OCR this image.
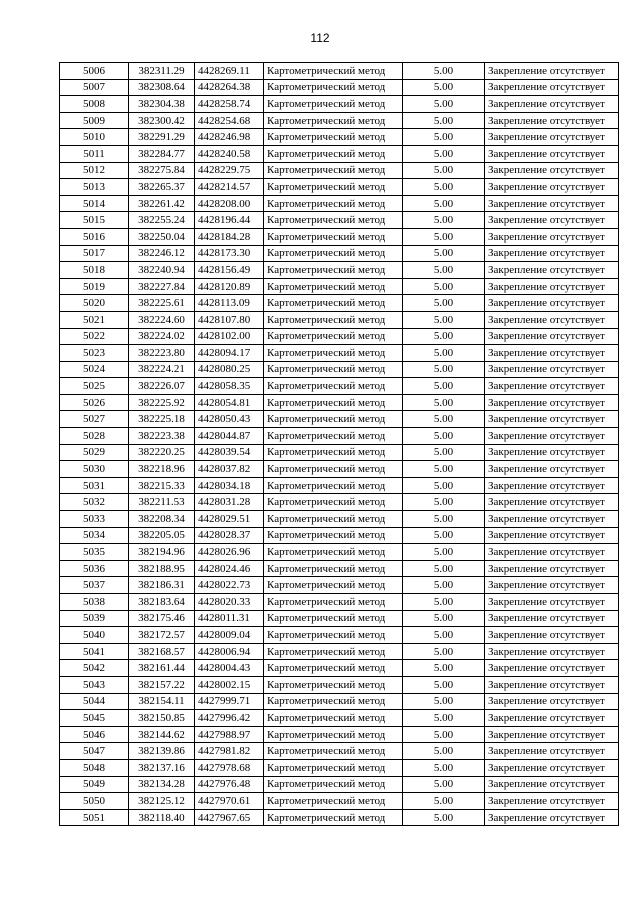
112
5006	382311.29	4428269.11	Картометрический метод	5.00	Закрепление отсутствует
5007	382308.64	4428264.38	Картометрический метод	5.00	Закрепление отсутствует
5008	382304.38	4428258.74	Картометрический метод	5.00	Закрепление отсутствует
5009	382300.42	4428254.68	Картометрический метод	5.00	Закрепление отсутствует
5010	382291.29	4428246.98	Картометрический метод	5.00	Закрепление отсутствует
5011	382284.77	4428240.58	Картометрический метод	5.00	Закрепление отсутствует
5012	382275.84	4428229.75	Картометрический метод	5.00	Закрепление отсутствует
5013	382265.37	4428214.57	Картометрический метод	5.00	Закрепление отсутствует
5014	382261.42	4428208.00	Картометрический метод	5.00	Закрепление отсутствует
5015	382255.24	4428196.44	Картометрический метод	5.00	Закрепление отсутствует
5016	382250.04	4428184.28	Картометрический метод	5.00	Закрепление отсутствует
5017	382246.12	4428173.30	Картометрический метод	5.00	Закрепление отсутствует
5018	382240.94	4428156.49	Картометрический метод	5.00	Закрепление отсутствует
5019	382227.84	4428120.89	Картометрический метод	5.00	Закрепление отсутствует
5020	382225.61	4428113.09	Картометрический метод	5.00	Закрепление отсутствует
5021	382224.60	4428107.80	Картометрический метод	5.00	Закрепление отсутствует
5022	382224.02	4428102.00	Картометрический метод	5.00	Закрепление отсутствует
5023	382223.80	4428094.17	Картометрический метод	5.00	Закрепление отсутствует
5024	382224.21	4428080.25	Картометрический метод	5.00	Закрепление отсутствует
5025	382226.07	4428058.35	Картометрический метод	5.00	Закрепление отсутствует
5026	382225.92	4428054.81	Картометрический метод	5.00	Закрепление отсутствует
5027	382225.18	4428050.43	Картометрический метод	5.00	Закрепление отсутствует
5028	382223.38	4428044.87	Картометрический метод	5.00	Закрепление отсутствует
5029	382220.25	4428039.54	Картометрический метод	5.00	Закрепление отсутствует
5030	382218.96	4428037.82	Картометрический метод	5.00	Закрепление отсутствует
5031	382215.33	4428034.18	Картометрический метод	5.00	Закрепление отсутствует
5032	382211.53	4428031.28	Картометрический метод	5.00	Закрепление отсутствует
5033	382208.34	4428029.51	Картометрический метод	5.00	Закрепление отсутствует
5034	382205.05	4428028.37	Картометрический метод	5.00	Закрепление отсутствует
5035	382194.96	4428026.96	Картометрический метод	5.00	Закрепление отсутствует
5036	382188.95	4428024.46	Картометрический метод	5.00	Закрепление отсутствует
5037	382186.31	4428022.73	Картометрический метод	5.00	Закрепление отсутствует
5038	382183.64	4428020.33	Картометрический метод	5.00	Закрепление отсутствует
5039	382175.46	4428011.31	Картометрический метод	5.00	Закрепление отсутствует
5040	382172.57	4428009.04	Картометрический метод	5.00	Закрепление отсутствует
5041	382168.57	4428006.94	Картометрический метод	5.00	Закрепление отсутствует
5042	382161.44	4428004.43	Картометрический метод	5.00	Закрепление отсутствует
5043	382157.22	4428002.15	Картометрический метод	5.00	Закрепление отсутствует
5044	382154.11	4427999.71	Картометрический метод	5.00	Закрепление отсутствует
5045	382150.85	4427996.42	Картометрический метод	5.00	Закрепление отсутствует
5046	382144.62	4427988.97	Картометрический метод	5.00	Закрепление отсутствует
5047	382139.86	4427981.82	Картометрический метод	5.00	Закрепление отсутствует
5048	382137.16	4427978.68	Картометрический метод	5.00	Закрепление отсутствует
5049	382134.28	4427976.48	Картометрический метод	5.00	Закрепление отсутствует
5050	382125.12	4427970.61	Картометрический метод	5.00	Закрепление отсутствует
5051	382118.40	4427967.65	Картометрический метод	5.00	Закрепление отсутствует
